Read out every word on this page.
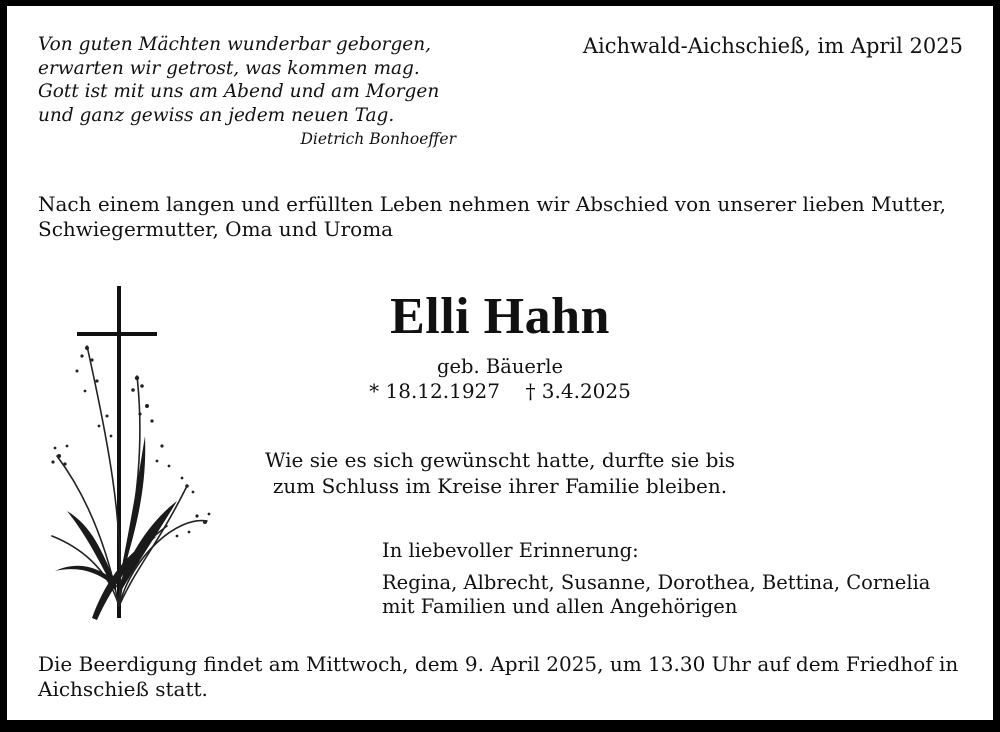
Von guten Mächten wunderbar geborgen,
erwarten wir getrost, was kommen mag.
Gott ist mit uns am Abend und am Morgen
und ganz gewiss an jedem neuen Tag.
Dietrich Bonhoeffer
Aichwald-Aichschieß, im April 2025
Nach einem langen und erfüllten Leben nehmen wir Abschied von unserer lieben Mutter, Schwiegermutter, Oma und Uroma
Elli Hahn
geb. Bäuerle
* 18.12.1927    † 3.4.2025
Wie sie es sich gewünscht hatte, durfte sie bis
zum Schluss im Kreise ihrer Familie bleiben.
In liebevoller Erinnerung:
Regina, Albrecht, Susanne, Dorothea, Bettina, Cornelia
mit Familien und allen Angehörigen
Die Beerdigung findet am Mittwoch, dem 9. April 2025, um 13.30 Uhr auf dem Friedhof in Aichschieß statt.
